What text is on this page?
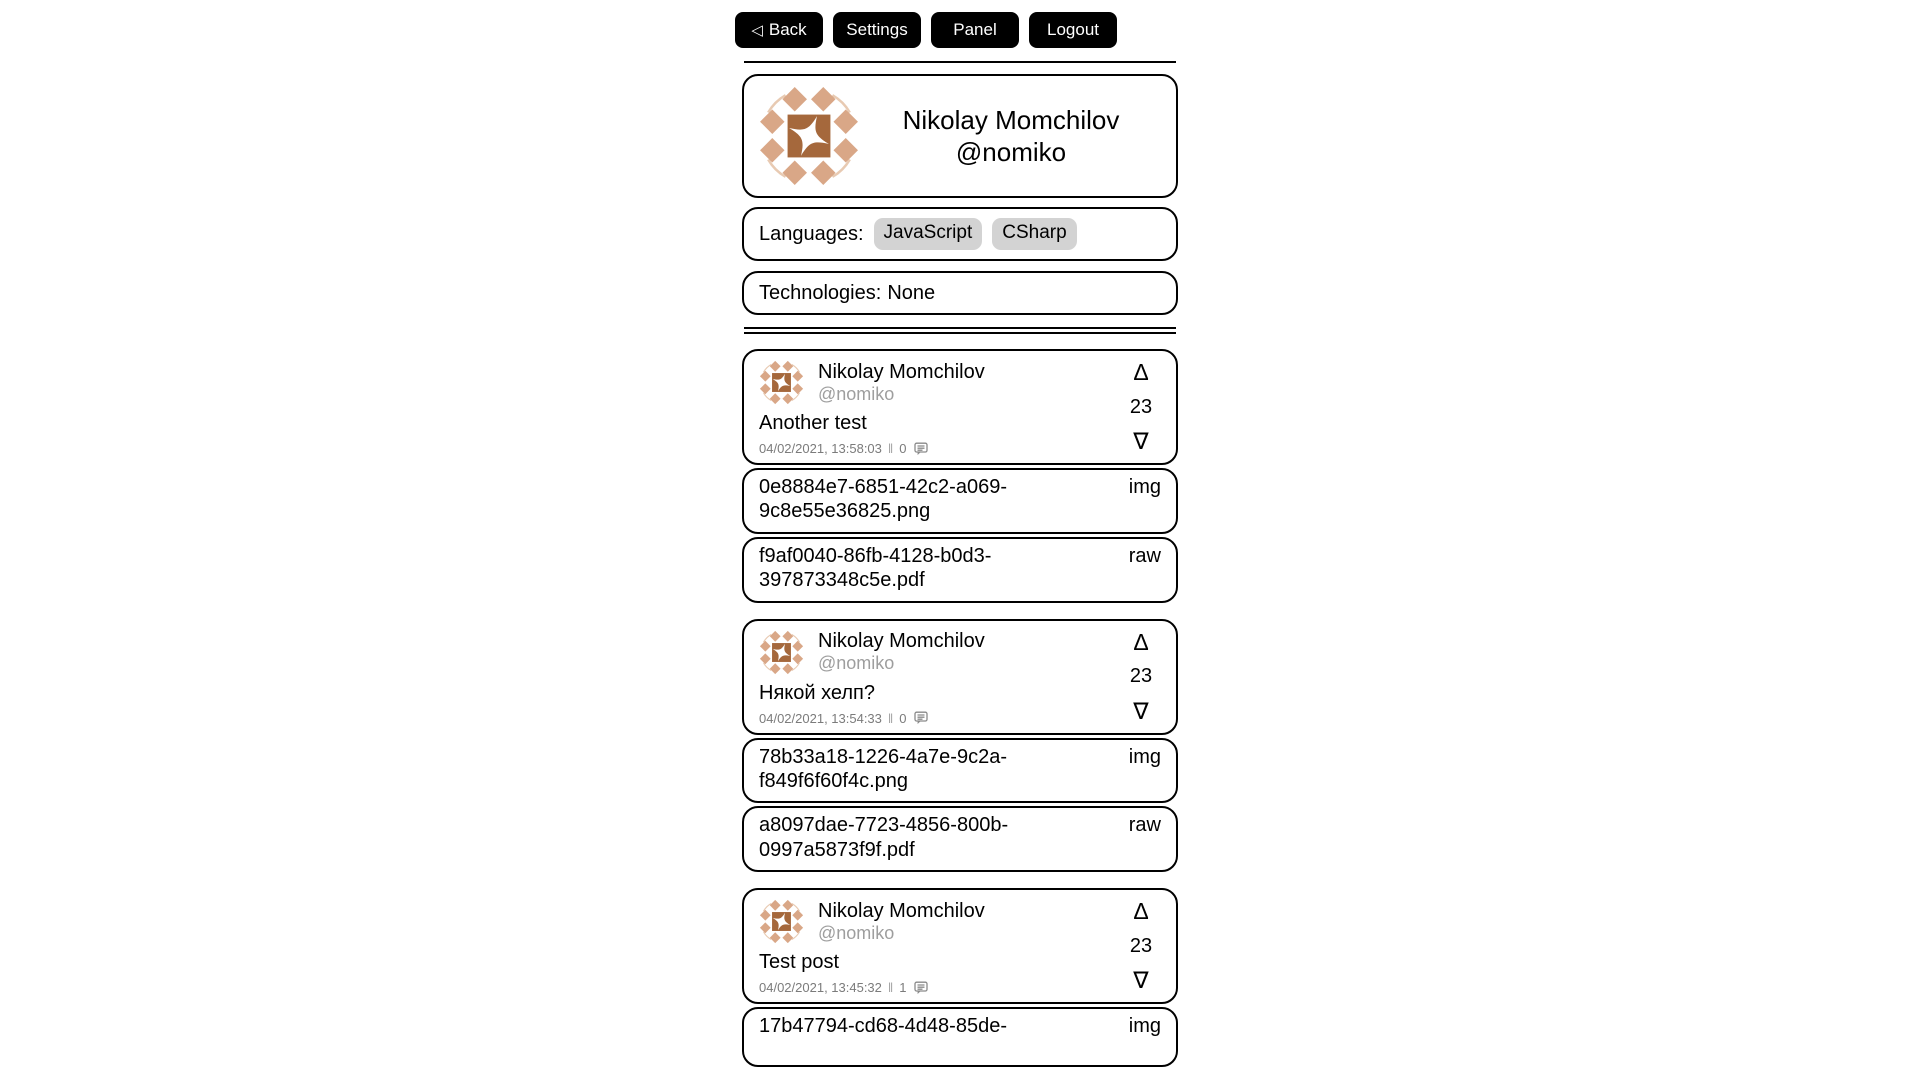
◁ Back Settings	Panel	Logout
Nikolay Momchilov
@nomiko
Languages:	JavaScript	CSharp
Technologies: None
Nikolay Momchilov
@nomiko
Another test
04/02/2021, 13:58:03 ‖ 0
Δ
23
∇
0e8884e7-6851-42c2-a069-9c8e55e36825.png
img
f9af0040-86fb-4128-b0d3-397873348c5e.pdf
raw
Nikolay Momchilov
@nomiko
Някой хелп?
04/02/2021, 13:54:33 ‖ 0
Δ
23
∇
78b33a18-1226-4a7e-9c2a-f849f6f60f4c.png
img
a8097dae-7723-4856-800b-0997a5873f9f.pdf
raw
Nikolay Momchilov
@nomiko
Test post
04/02/2021, 13:45:32 ‖ 1
Δ
23
∇
17b47794-cd68-4d48-85de-	img
